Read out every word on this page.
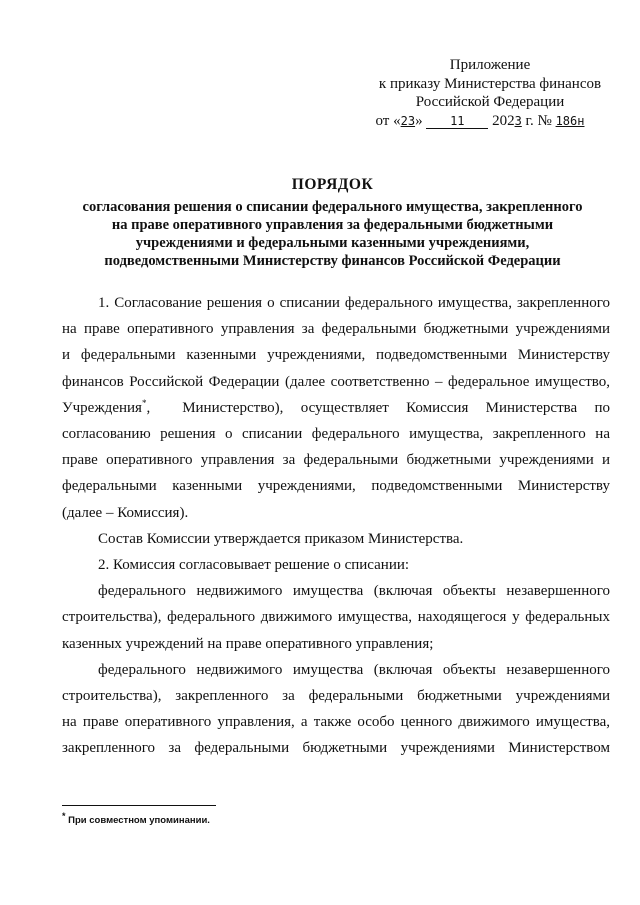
Приложение
к приказу Министерства финансов
Российской Федерации
от «23» 11 2023 г. № 186н
ПОРЯДОК
согласования решения о списании федерального имущества, закрепленного
на праве оперативного управления за федеральными бюджетными
учреждениями и федеральными казенными учреждениями,
подведомственными Министерству финансов Российской Федерации

1. Согласование решения о списании федерального имущества, закрепленного
на праве оперативного управления за федеральными бюджетными учреждениями
и федеральными казенными учреждениями, подведомственными Министерству
финансов Российской Федерации (далее соответственно – федеральное имущество,
Учреждения*, Министерство), осуществляет Комиссия Министерства по
согласованию решения о списании федерального имущества, закрепленного на
праве оперативного управления за федеральными бюджетными учреждениями и
федеральными казенными учреждениями, подведомственными Министерству
(далее – Комиссия).

Состав Комиссии утверждается приказом Министерства.

2. Комиссия согласовывает решение о списании:

федерального недвижимого имущества (включая объекты незавершенного
строительства), федерального движимого имущества, находящегося у федеральных
казенных учреждений на праве оперативного управления;

федерального недвижимого имущества (включая объекты незавершенного
строительства), закрепленного за федеральными бюджетными учреждениями
на праве оперативного управления, а также особо ценного движимого имущества,
закрепленного за федеральными бюджетными учреждениями Министерством

* При совместном упоминании.
